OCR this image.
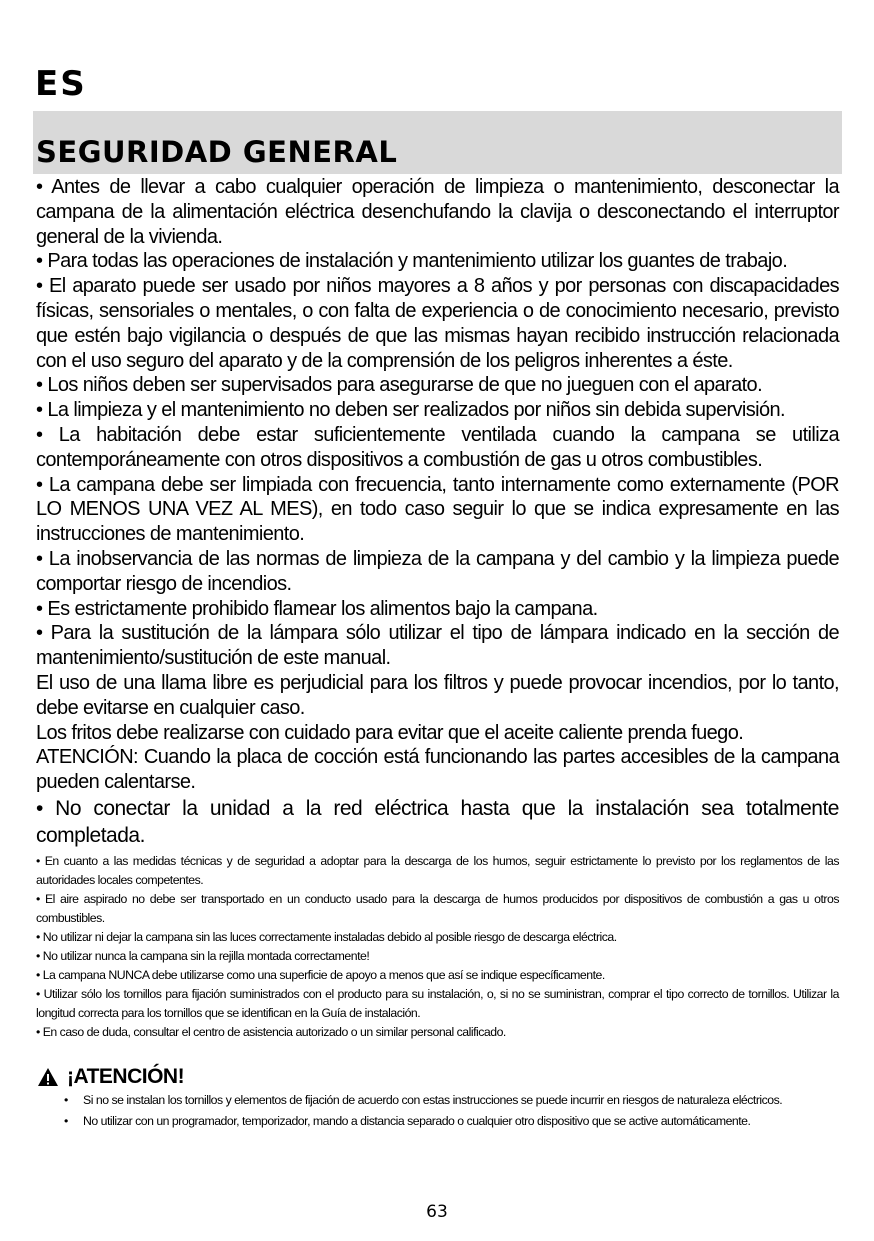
ES
SEGURIDAD GENERAL

• Antes de llevar a cabo cualquier operación de limpieza o mantenimiento, desconectar la campana de la alimentación eléctrica desenchufando la clavija o desconectando el interruptor general de la vivienda.

• Para todas las operaciones de instalación y mantenimiento utilizar los guantes de trabajo.

• El aparato puede ser usado por niños mayores a 8 años y por personas con discapacidades físicas, sensoriales o mentales, o con falta de experiencia o de conocimiento necesario, previsto que estén bajo vigilancia o después de que las mismas hayan recibido instrucción relacionada con el uso seguro del aparato y de la comprensión de los peligros inherentes a éste.

• Los niños deben ser supervisados para asegurarse de que no jueguen con el aparato.

• La limpieza y el mantenimiento no deben ser realizados por niños sin debida supervisión.

• La habitación debe estar suficientemente ventilada cuando la campana se utiliza contemporáneamente con otros dispositivos a combustión de gas u otros combustibles.

• La campana debe ser limpiada con frecuencia, tanto internamente como externamente (POR LO MENOS UNA VEZ AL MES), en todo caso seguir lo que se indica expresamente en las instrucciones de mantenimiento.

• La inobservancia de las normas de limpieza de la campana y del cambio y la limpieza puede comportar riesgo de incendios.

• Es estrictamente prohibido flamear los alimentos bajo la campana.

• Para la sustitución de la lámpara sólo utilizar el tipo de lámpara indicado en la sección de mantenimiento/sustitución de este manual.

El uso de una llama libre es perjudicial para los filtros y puede provocar incendios, por lo tanto, debe evitarse en cualquier caso.

Los fritos debe realizarse con cuidado para evitar que el aceite caliente prenda fuego.

ATENCIÓN: Cuando la placa de cocción está funcionando las partes accesibles de la campana pueden calentarse.

• No conectar la unidad a la red eléctrica hasta que la instalación sea totalmente completada.

• En cuanto a las medidas técnicas y de seguridad a adoptar para la descarga de los humos, seguir estrictamente lo previsto por los reglamentos de las autoridades locales competentes.

• El aire aspirado no debe ser transportado en un conducto usado para la descarga de humos producidos por dispositivos de combustión a gas u otros combustibles.

• No utilizar ni dejar la campana sin las luces correctamente instaladas debido al posible riesgo de descarga eléctrica.

• No utilizar nunca la campana sin la rejilla montada correctamente!

• La campana NUNCA debe utilizarse como una superficie de apoyo a menos que así se indique específicamente.

• Utilizar sólo los tornillos para fijación suministrados con el producto para su instalación, o, si no se suministran, comprar el tipo correcto de tornillos. Utilizar la longitud correcta para los tornillos que se identifican en la Guía de instalación.

• En caso de duda, consultar el centro de asistencia autorizado o un similar personal calificado.

¡ATENCIÓN!
• Si no se instalan los tornillos y elementos de fijación de acuerdo con estas instrucciones se puede incurrir en riesgos de naturaleza eléctricos.
• No utilizar con un programador, temporizador, mando a distancia separado o cualquier otro dispositivo que se active automáticamente.
63
